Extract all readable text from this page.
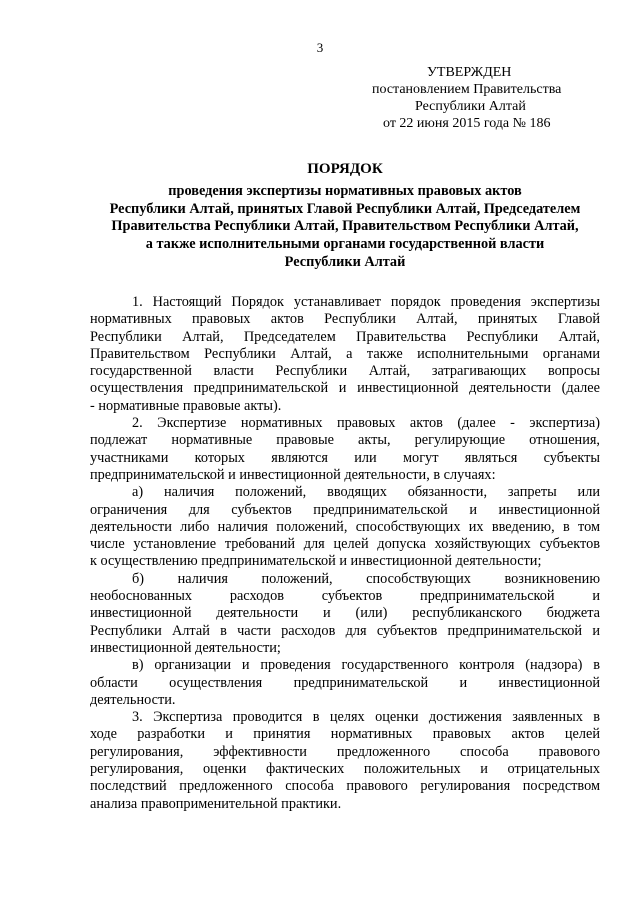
3
УТВЕРЖДЕН
постановлением Правительства
Республики Алтай
от 22 июня 2015 года № 186
ПОРЯДОК
проведения экспертизы нормативных правовых актов
Республики Алтай, принятых Главой Республики Алтай, Председателем
Правительства Республики Алтай, Правительством Республики Алтай,
а также исполнительными органами государственной власти
Республики Алтай
1. Настоящий Порядок устанавливает порядок проведения экспертизы
нормативных правовых актов Республики Алтай, принятых Главой
Республики Алтай, Председателем Правительства Республики Алтай,
Правительством Республики Алтай, а также исполнительными органами
государственной власти Республики Алтай, затрагивающих вопросы
осуществления предпринимательской и инвестиционной деятельности (далее
- нормативные правовые акты).
2. Экспертизе нормативных правовых актов (далее - экспертиза)
подлежат нормативные правовые акты, регулирующие отношения,
участниками которых являются или могут являться субъекты
предпринимательской и инвестиционной деятельности, в случаях:
а) наличия положений, вводящих обязанности, запреты или
ограничения для субъектов предпринимательской и инвестиционной
деятельности либо наличия положений, способствующих их введению, в том
числе установление требований для целей допуска хозяйствующих субъектов
к осуществлению предпринимательской и инвестиционной деятельности;
б) наличия положений, способствующих возникновению
необоснованных расходов субъектов предпринимательской и
инвестиционной деятельности и (или) республиканского бюджета
Республики Алтай в части расходов для субъектов предпринимательской и
инвестиционной деятельности;
в) организации и проведения государственного контроля (надзора) в
области осуществления предпринимательской и инвестиционной
деятельности.
3. Экспертиза проводится в целях оценки достижения заявленных в
ходе разработки и принятия нормативных правовых актов целей
регулирования, эффективности предложенного способа правового
регулирования, оценки фактических положительных и отрицательных
последствий предложенного способа правового регулирования посредством
анализа правоприменительной практики.
